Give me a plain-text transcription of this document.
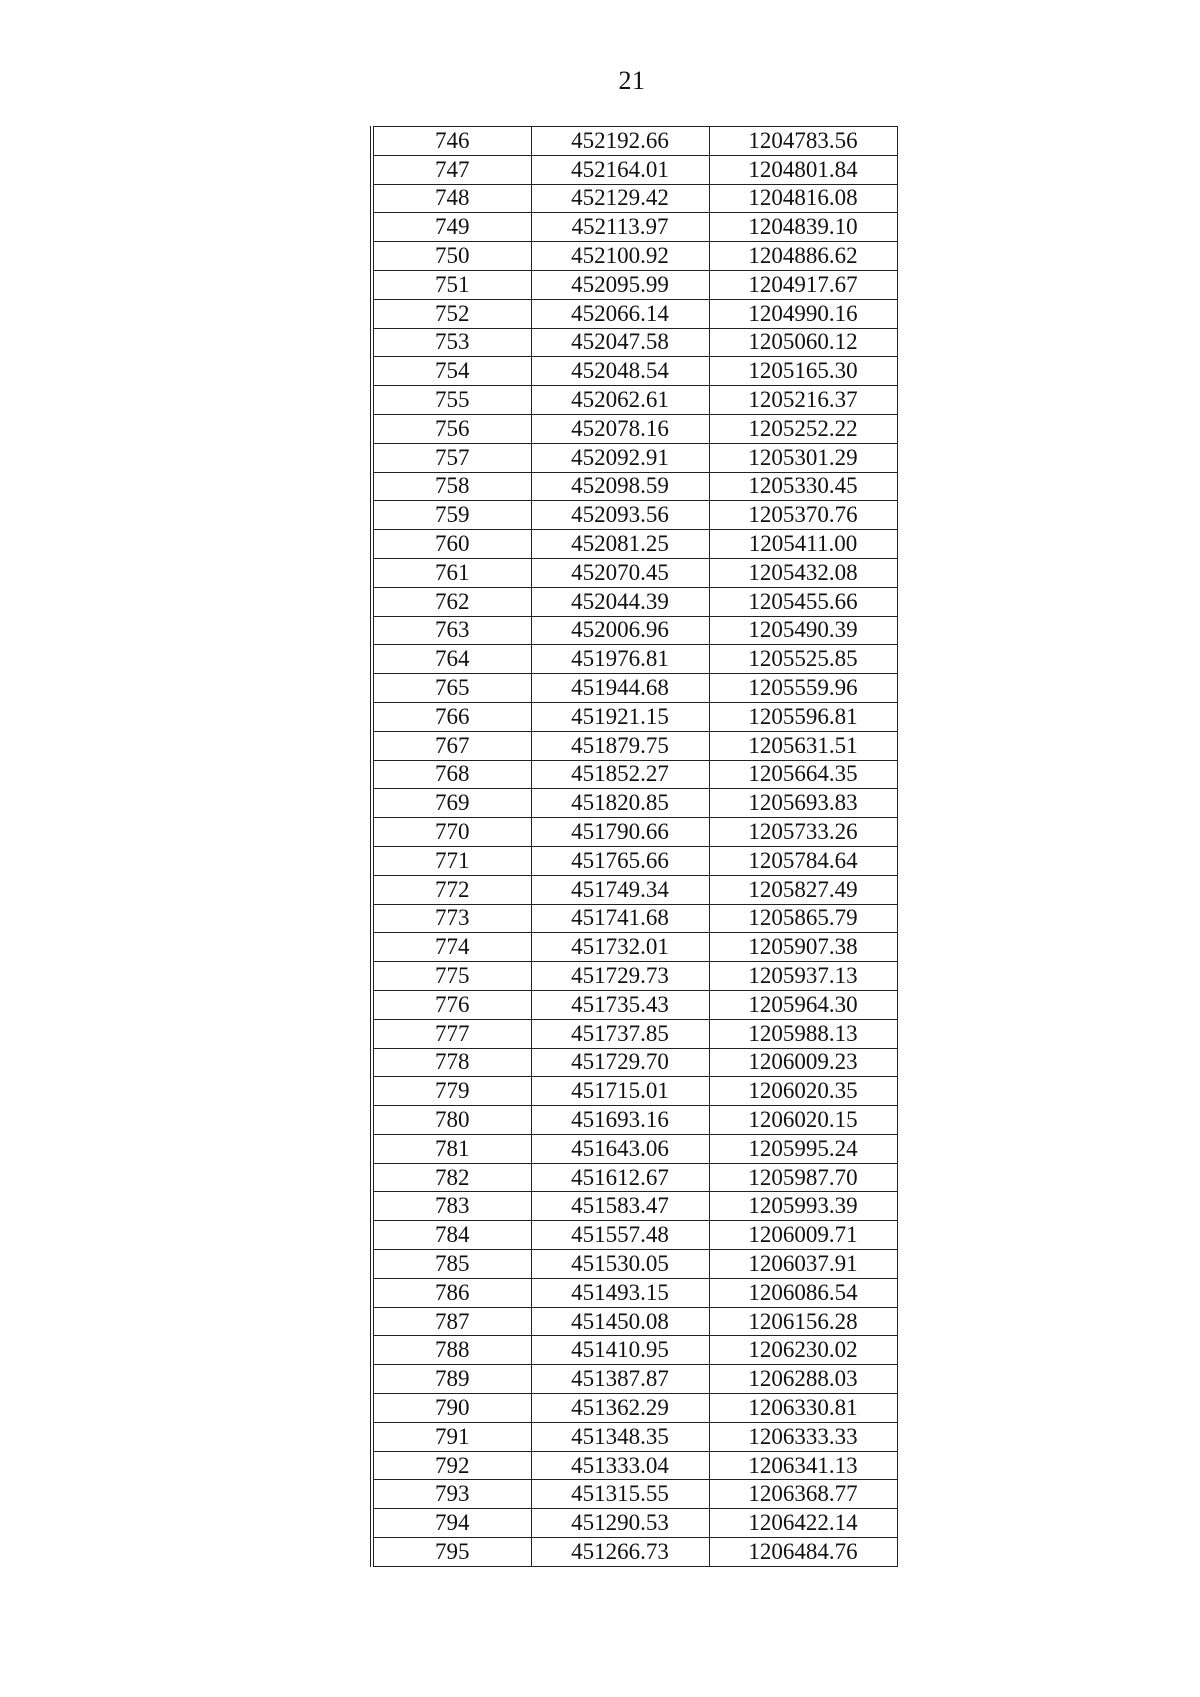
21
746	452192.66	1204783.56
747	452164.01	1204801.84
748	452129.42	1204816.08
749	452113.97	1204839.10
750	452100.92	1204886.62
751	452095.99	1204917.67
752	452066.14	1204990.16
753	452047.58	1205060.12
754	452048.54	1205165.30
755	452062.61	1205216.37
756	452078.16	1205252.22
757	452092.91	1205301.29
758	452098.59	1205330.45
759	452093.56	1205370.76
760	452081.25	1205411.00
761	452070.45	1205432.08
762	452044.39	1205455.66
763	452006.96	1205490.39
764	451976.81	1205525.85
765	451944.68	1205559.96
766	451921.15	1205596.81
767	451879.75	1205631.51
768	451852.27	1205664.35
769	451820.85	1205693.83
770	451790.66	1205733.26
771	451765.66	1205784.64
772	451749.34	1205827.49
773	451741.68	1205865.79
774	451732.01	1205907.38
775	451729.73	1205937.13
776	451735.43	1205964.30
777	451737.85	1205988.13
778	451729.70	1206009.23
779	451715.01	1206020.35
780	451693.16	1206020.15
781	451643.06	1205995.24
782	451612.67	1205987.70
783	451583.47	1205993.39
784	451557.48	1206009.71
785	451530.05	1206037.91
786	451493.15	1206086.54
787	451450.08	1206156.28
788	451410.95	1206230.02
789	451387.87	1206288.03
790	451362.29	1206330.81
791	451348.35	1206333.33
792	451333.04	1206341.13
793	451315.55	1206368.77
794	451290.53	1206422.14
795	451266.73	1206484.76
